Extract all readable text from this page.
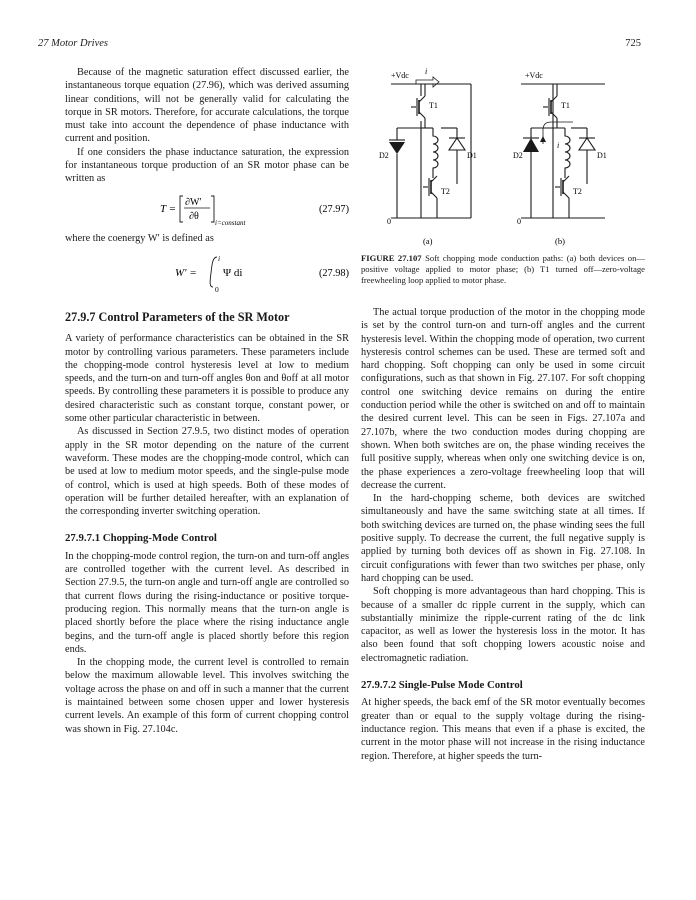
27 Motor Drives	725

Because of the magnetic saturation effect discussed earlier, the instantaneous torque equation (27.96), which was derived assuming linear conditions, will not be generally valid for calculating the torque in SR motors. Therefore, for accurate calculations, the torque must take into account the dependence of phase inductance with current and position.

If one considers the phase inductance saturation, the expression for instantaneous torque production of an SR motor phase can be written as

T =
∂W′
∂θ
i=constant
(27.97)

where the coenergy W′ is defined as

W′ =
i
0
Ψ di	(27.98)
27.9.7 Control Parameters of the SR Motor

A variety of performance characteristics can be obtained in the SR motor by controlling various parameters. These parameters include the chopping-mode control hysteresis level at low to medium speeds, and the turn-on and turn-off angles θon and θoff at all motor speeds. By controlling these parameters it is possible to produce any desired characteristic such as constant torque, constant power, or some other particular characteristic in between.

As discussed in Section 27.9.5, two distinct modes of operation apply in the SR motor depending on the nature of the current waveform. These modes are the chopping-mode control, which can be used at low to medium motor speeds, and the single-pulse mode of control, which is used at high speeds. Both of these modes of operation will be further detailed hereafter, with an explanation of the corresponding inverter switching operation.

27.9.7.1 Chopping-Mode Control

In the chopping-mode control region, the turn-on and turn-off angles are controlled together with the current level. As described in Section 27.9.5, the turn-on angle and turn-off angle are controlled so that current flows during the rising-inductance or positive torque-producing region. This normally means that the turn-on angle is placed shortly before the place where the rising inductance angle begins, and the turn-off angle is placed shortly before this region ends.

In the chopping mode, the current level is controlled to remain below the maximum allowable level. This involves switching the voltage across the phase on and off in such a manner that the current is maintained between some chosen upper and lower hysteresis current levels. An example of this form of current chopping control was shown in Fig. 27.104c.

+Vdc i
T1
D2	D1
T2
0
(a)
+Vdc
i
T1
D2	D1
T2
0
(b)
FIGURE 27.107 Soft chopping mode conduction paths: (a) both devices on—positive voltage applied to motor phase; (b) T1 turned off—zero-voltage freewheeling loop applied to motor phase.

The actual torque production of the motor in the chopping mode is set by the control turn-on and turn-off angles and the current hysteresis level. Within the chopping mode of operation, two current hysteresis control schemes can be used. These are termed soft and hard chopping. Soft chopping can only be used in some circuit configurations, such as that shown in Fig. 27.107. For soft chopping control one switching device remains on during the entire conduction period while the other is switched on and off to maintain the desired current level. This can be seen in Figs. 27.107a and 27.107b, where the two conduction modes during chopping are shown. When both switches are on, the phase winding receives the full positive supply, whereas when only one switching device is on, the phase experiences a zero-voltage freewheeling loop that will decrease the current.

In the hard-chopping scheme, both devices are switched simultaneously and have the same switching state at all times. If both switching devices are turned on, the phase winding sees the full positive supply. To decrease the current, the full negative supply is applied by turning both devices off as shown in Fig. 27.108. In circuit configurations with fewer than two switches per phase, only hard chopping can be used.

Soft chopping is more advantageous than hard chopping. This is because of a smaller dc ripple current in the supply, which can substantially minimize the ripple-current rating of the dc link capacitor, as well as lower the hysteresis loss in the motor. It has also been found that soft chopping lowers acoustic noise and electromagnetic radiation.

27.9.7.2 Single-Pulse Mode Control

At higher speeds, the back emf of the SR motor eventually becomes greater than or equal to the supply voltage during the rising-inductance region. This means that even if a phase is excited, the current in the motor phase will not increase in the rising inductance region. Therefore, at higher speeds the turn-
